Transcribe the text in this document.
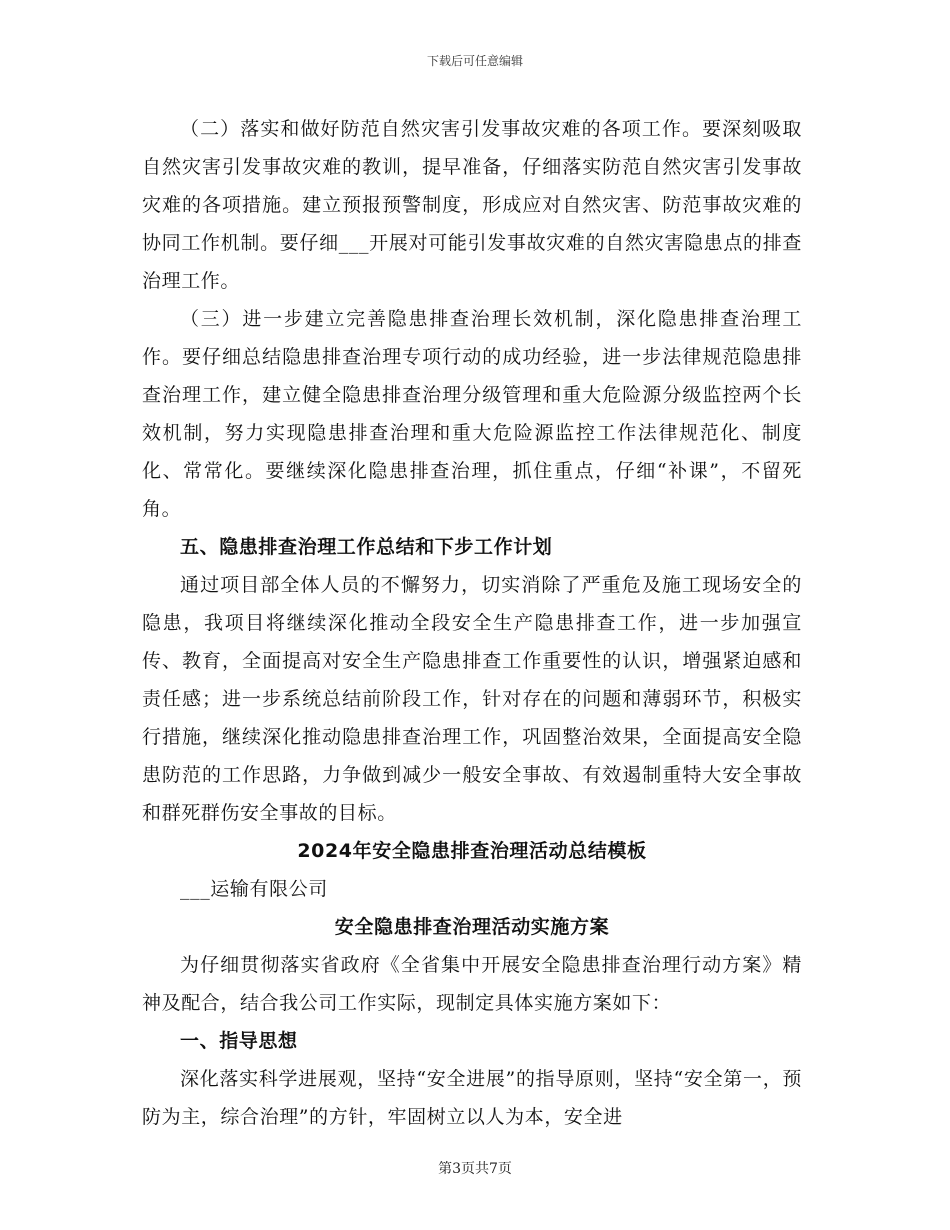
下载后可任意编辑

（二）落实和做好防范自然灾害引发事故灾难的各项工作。要深刻吸取自然灾害引发事故灾难的教训，提早准备，仔细落实防范自然灾害引发事故灾难的各项措施。建立预报预警制度，形成应对自然灾害、防范事故灾难的协同工作机制。要仔细___开展对可能引发事故灾难的自然灾害隐患点的排查治理工作。

（三）进一步建立完善隐患排查治理长效机制，深化隐患排查治理工作。要仔细总结隐患排查治理专项行动的成功经验，进一步法律规范隐患排查治理工作，建立健全隐患排查治理分级管理和重大危险源分级监控两个长效机制，努力实现隐患排查治理和重大危险源监控工作法律规范化、制度化、常常化。要继续深化隐患排查治理，抓住重点，仔细“补课”，不留死角。

五、隐患排查治理工作总结和下步工作计划

通过项目部全体人员的不懈努力，切实消除了严重危及施工现场安全的隐患，我项目将继续深化推动全段安全生产隐患排查工作，进一步加强宣传、教育，全面提高对安全生产隐患排查工作重要性的认识，增强紧迫感和责任感；进一步系统总结前阶段工作，针对存在的问题和薄弱环节，积极实行措施，继续深化推动隐患排查治理工作，巩固整治效果，全面提高安全隐患防范的工作思路，力争做到减少一般安全事故、有效遏制重特大安全事故和群死群伤安全事故的目标。

2024年安全隐患排查治理活动总结模板

___运输有限公司

安全隐患排查治理活动实施方案

为仔细贯彻落实省政府《全省集中开展安全隐患排查治理行动方案》精神及配合，结合我公司工作实际，现制定具体实施方案如下：

一、指导思想

深化落实科学进展观，坚持“安全进展”的指导原则，坚持“安全第一，预防为主，综合治理”的方针，牢固树立以人为本，安全进

第3页共7页
